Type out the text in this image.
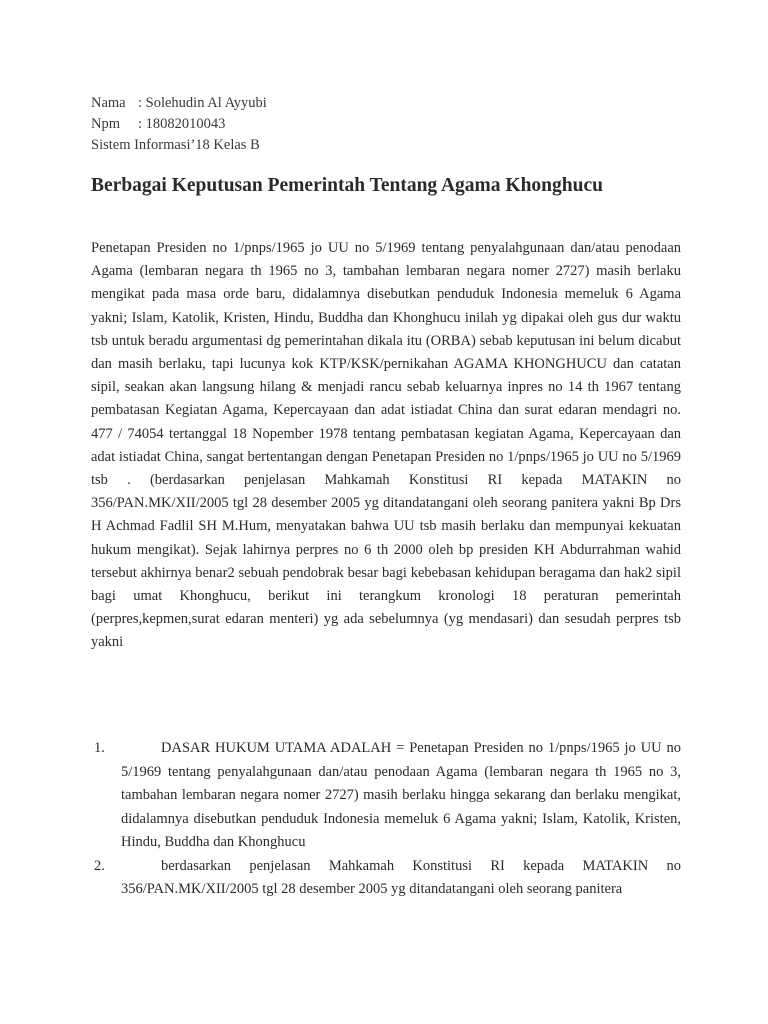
Nama : Solehudin Al Ayyubi
Npm : 18082010043
Sistem Informasi’18 Kelas B
Berbagai Keputusan Pemerintah Tentang Agama Khonghucu

Penetapan Presiden no 1/pnps/1965 jo UU no 5/1969 tentang penyalahgunaan dan/atau penodaan Agama (lembaran negara th 1965 no 3, tambahan lembaran negara nomer 2727) masih berlaku mengikat pada masa orde baru, didalamnya disebutkan penduduk Indonesia memeluk 6 Agama yakni; Islam, Katolik, Kristen, Hindu, Buddha dan Khonghucu inilah yg dipakai oleh gus dur waktu tsb untuk beradu argumentasi dg pemerintahan dikala itu (ORBA) sebab keputusan ini belum dicabut dan masih berlaku, tapi lucunya kok KTP/KSK/pernikahan AGAMA KHONGHUCU dan catatan sipil, seakan akan langsung hilang & menjadi rancu sebab keluarnya inpres no 14 th 1967 tentang pembatasan Kegiatan Agama, Kepercayaan dan adat istiadat China dan surat edaran mendagri no. 477 / 74054 tertanggal 18 Nopember 1978 tentang pembatasan kegiatan Agama, Kepercayaan dan adat istiadat China, sangat bertentangan dengan Penetapan Presiden no 1/pnps/1965 jo UU no 5/1969 tsb . (berdasarkan penjelasan Mahkamah Konstitusi RI kepada MATAKIN no 356/PAN.MK/XII/2005 tgl 28 desember 2005 yg ditandatangani oleh seorang panitera yakni Bp Drs H Achmad Fadlil SH M.Hum, menyatakan bahwa UU tsb masih berlaku dan mempunyai kekuatan hukum mengikat). Sejak lahirnya perpres no 6 th 2000 oleh bp presiden KH Abdurrahman wahid tersebut akhirnya benar2 sebuah pendobrak besar bagi kebebasan kehidupan beragama dan hak2 sipil bagi umat Khonghucu, berikut ini terangkum kronologi 18 peraturan pemerintah (perpres,kepmen,surat edaran menteri) yg ada sebelumnya (yg mendasari) dan sesudah perpres tsb yakni

1.	DASAR HUKUM UTAMA ADALAH = Penetapan Presiden no 1/pnps/1965 jo UU no 5/1969 tentang penyalahgunaan dan/atau penodaan Agama (lembaran negara th 1965 no 3, tambahan lembaran negara nomer 2727) masih berlaku hingga sekarang dan berlaku mengikat, didalamnya disebutkan penduduk Indonesia memeluk 6 Agama yakni; Islam, Katolik, Kristen, Hindu, Buddha dan Khonghucu
2.	berdasarkan penjelasan Mahkamah Konstitusi RI kepada MATAKIN no 356/PAN.MK/XII/2005 tgl 28 desember 2005 yg ditandatangani oleh seorang panitera
